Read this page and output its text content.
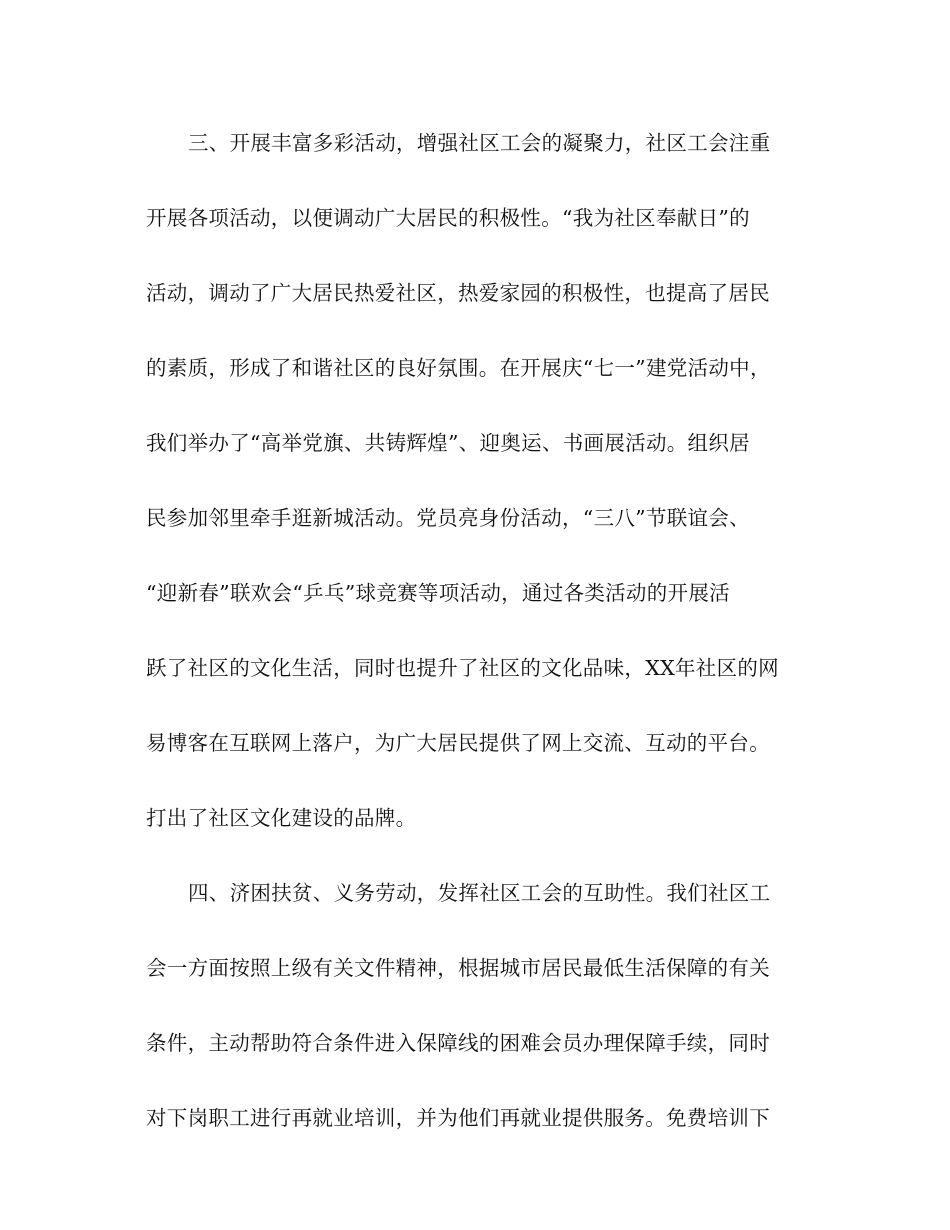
三、开展丰富多彩活动，增强社区工会的凝聚力，社区工会注重
开展各项活动，以便调动广大居民的积极性。“我为社区奉献日”的
活动，调动了广大居民热爱社区，热爱家园的积极性，也提高了居民
的素质，形成了和谐社区的良好氛围。在开展庆“七一”建党活动中，
我们举办了“高举党旗、共铸辉煌”、迎奥运、书画展活动。组织居
民参加邻里牵手逛新城活动。党员亮身份活动，“三八”节联谊会、
“迎新春”联欢会“乒乓”球竞赛等项活动，通过各类活动的开展活
跃了社区的文化生活，同时也提升了社区的文化品味，XX年社区的网
易博客在互联网上落户，为广大居民提供了网上交流、互动的平台。
打出了社区文化建设的品牌。
四、济困扶贫、义务劳动，发挥社区工会的互助性。我们社区工
会一方面按照上级有关文件精神，根据城市居民最低生活保障的有关
条件，主动帮助符合条件进入保障线的困难会员办理保障手续，同时
对下岗职工进行再就业培训，并为他们再就业提供服务。免费培训下
